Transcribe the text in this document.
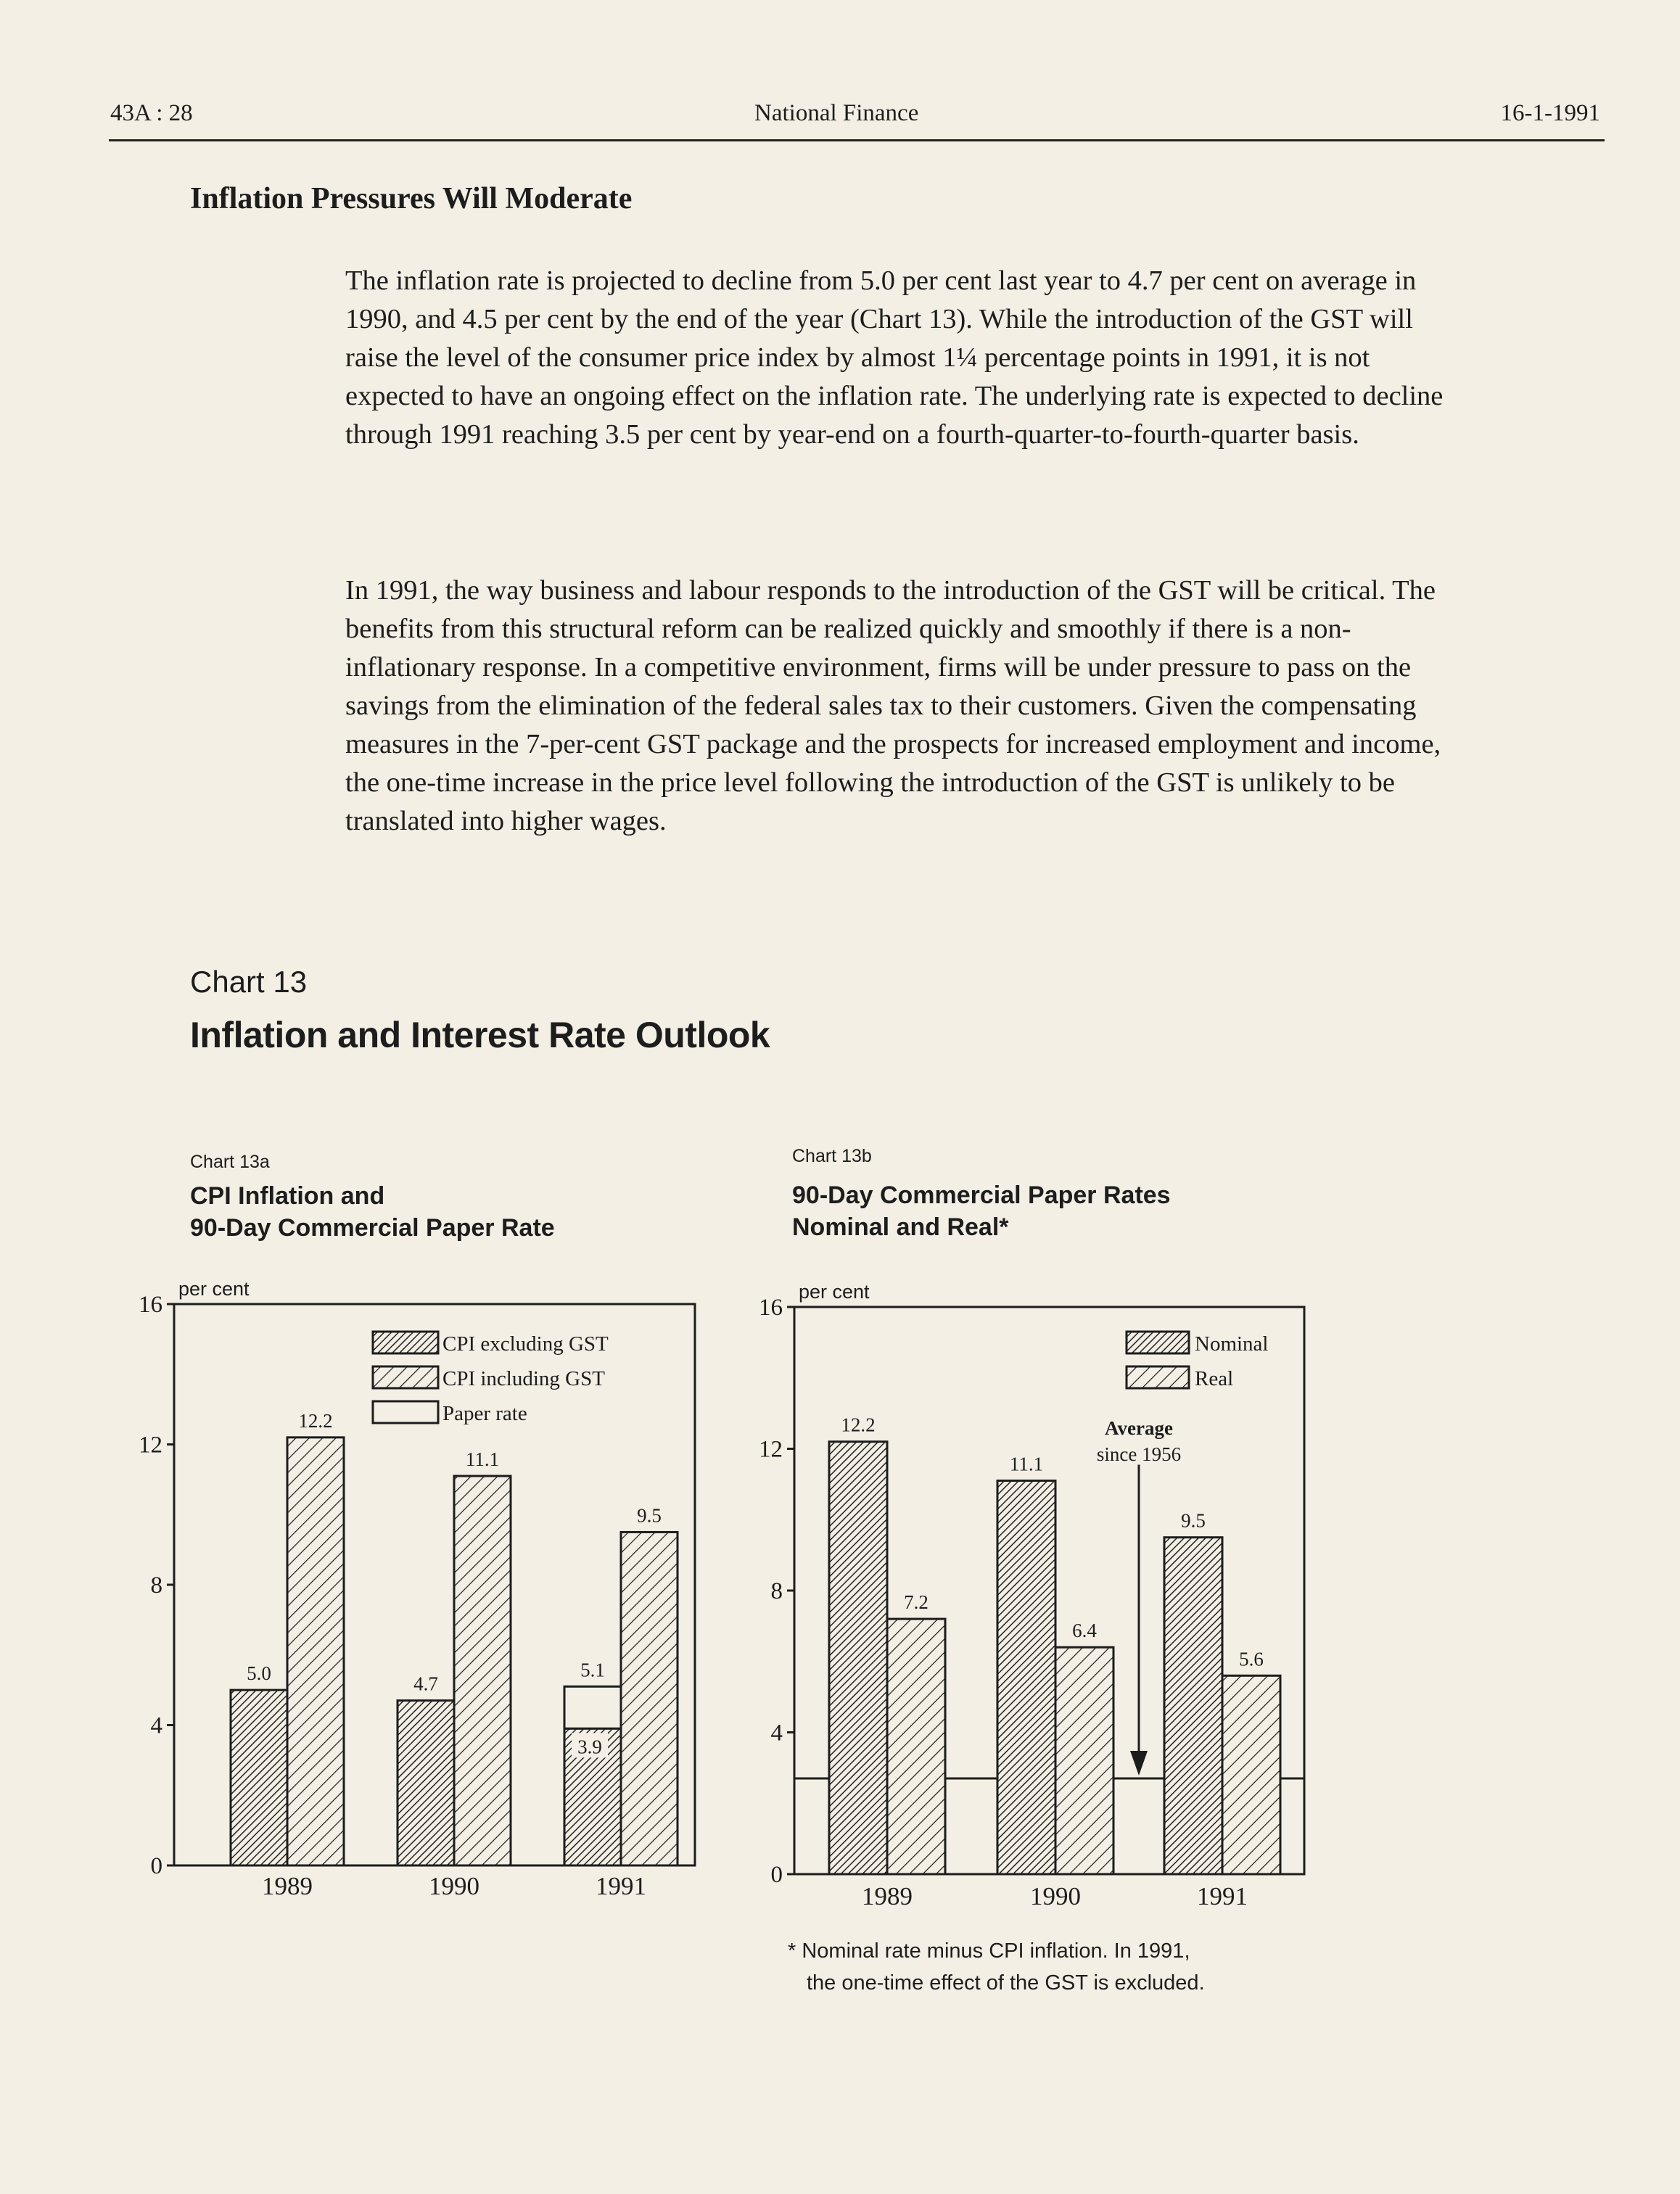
43A : 28	National Finance	16-1-1991
Inflation Pressures Will Moderate
The inflation rate is projected to decline from 5.0 per cent last year to 4.7 per cent on average in 1990, and 4.5 per cent by the end of the year (Chart 13). While the introduction of the GST will raise the level of the consumer price index by almost 1¼ percentage points in 1991, it is not expected to have an ongoing effect on the inflation rate. The underlying rate is expected to decline through 1991 reaching 3.5 per cent by year-end on a fourth-quarter-to-fourth-quarter basis.
In 1991, the way business and labour responds to the introduction of the GST will be critical. The benefits from this structural reform can be realized quickly and smoothly if there is a non-inflationary response. In a competitive environment, firms will be under pressure to pass on the savings from the elimination of the federal sales tax to their customers. Given the compensating measures in the 7-per-cent GST package and the prospects for increased employment and income, the one-time increase in the price level following the introduction of the GST is unlikely to be translated into higher wages.
Chart 13
Inflation and Interest Rate Outlook
Chart 13a
CPI Inflation and
90-Day Commercial Paper Rate
Chart 13b
90-Day Commercial Paper Rates
Nominal and Real*
0
4
8
12
16
per cent
5.0
12.2
1989
4.7
11.1
1990
5.1
3.9
9.5
1991
CPI excluding GST
CPI including GST
Paper rate
0
4
8
12
16
per cent
12.2
7.2
1989
11.1
6.4
1990
9.5
5.6
1991
Average
since 1956
Nominal
Real
* Nominal rate minus CPI inflation. In 1991,
the one-time effect of the GST is excluded.
